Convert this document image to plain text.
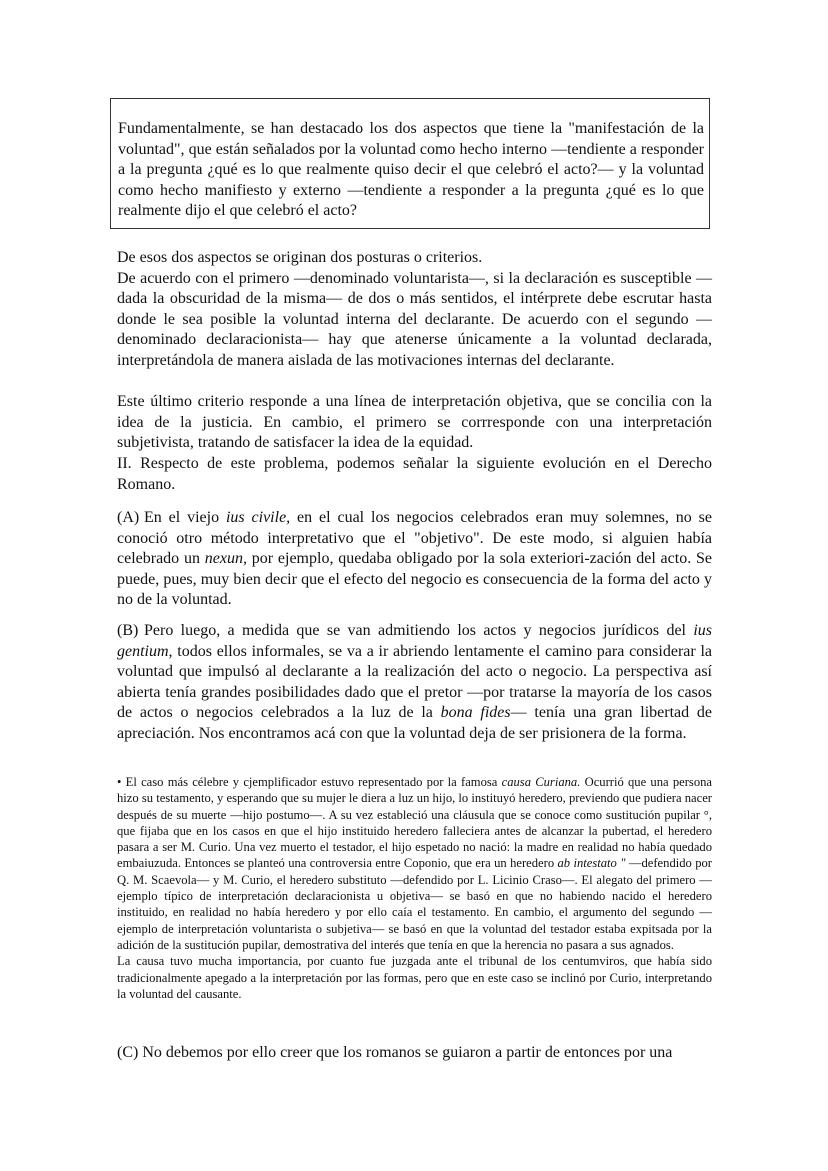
Fundamentalmente, se han destacado los dos aspectos que tiene la "manifestación de la voluntad", que están señalados por la voluntad como hecho interno —tendiente a responder a la pregunta ¿qué es lo que realmente quiso decir el que celebró el acto?— y la voluntad como hecho manifiesto y externo —tendiente a responder a la pregunta ¿qué es lo que realmente dijo el que celebró el acto?

De esos dos aspectos se originan dos posturas o criterios.

De acuerdo con el primero —denominado voluntarista—, si la declaración es susceptible —dada la obscuridad de la misma— de dos o más sentidos, el intérprete debe escrutar hasta donde le sea posible la voluntad interna del declarante. De acuerdo con el segundo —denominado declaracionista— hay que atenerse únicamente a la voluntad declarada, interpretándola de manera aislada de las motivaciones internas del declarante.

Este último criterio responde a una línea de interpretación objetiva, que se concilia con la idea de la justicia. En cambio, el primero se corrresponde con una interpretación subjetivista, tratando de satisfacer la idea de la equidad.

II. Respecto de este problema, podemos señalar la siguiente evolución en el Derecho Romano.

(A) En el viejo ius civile, en el cual los negocios celebrados eran muy solemnes, no se conoció otro método interpretativo que el "objetivo". De este modo, si alguien había celebrado un nexun, por ejemplo, quedaba obligado por la sola exteriori-zación del acto. Se puede, pues, muy bien decir que el efecto del negocio es consecuencia de la forma del acto y no de la voluntad.

(B) Pero luego, a medida que se van admitiendo los actos y negocios jurídicos del ius gentium, todos ellos informales, se va a ir abriendo lentamente el camino para considerar la voluntad que impulsó al declarante a la realización del acto o negocio. La perspectiva así abierta tenía grandes posibilidades dado que el pretor —por tratarse la mayoría de los casos de actos o negocios celebrados a la luz de la bona fides— tenía una gran libertad de apreciación. Nos encontramos acá con que la voluntad deja de ser prisionera de la forma.

• El caso más célebre y cjemplificador estuvo representado por la famosa causa Curiana. Ocurrió que una persona hizo su testamento, y esperando que su mujer le diera a luz un hijo, lo instituyó heredero, previendo que pudiera nacer después de su muerte —hijo postumo—. A su vez estableció una cláusula que se conoce como sustitución pupilar °, que fijaba que en los casos en que el hijo instituido heredero falleciera antes de alcanzar la pubertad, el heredero pasara a ser M. Curio. Una vez muerto el testador, el hijo espetado no nació: la madre en realidad no había quedado embaiuzuda. Entonces se planteó una controversia entre Coponio, que era un heredero ab intestato " —defendido por Q. M. Scaevola— y M. Curio, el heredero substituto —defendido por L. Licinio Craso—. El alegato del primero —ejemplo típico de interpretación declaracionista u objetiva— se basó en que no habiendo nacido el heredero instituido, en realidad no había heredero y por ello caía el testamento. En cambio, el argumento del segundo —ejemplo de interpretación voluntarista o subjetiva— se basó en que la voluntad del testador estaba expitsada por la adición de la sustitución pupilar, demostrativa del interés que tenía en que la herencia no pasara a sus agnados.
La causa tuvo mucha importancia, por cuanto fue juzgada ante el tribunal de los centumviros, que había sido tradicionalmente apegado a la interpretación por las formas, pero que en este caso se inclinó por Curio, interpretando la voluntad del causante.

(C) No debemos por ello creer que los romanos se guiaron a partir de entonces por una
